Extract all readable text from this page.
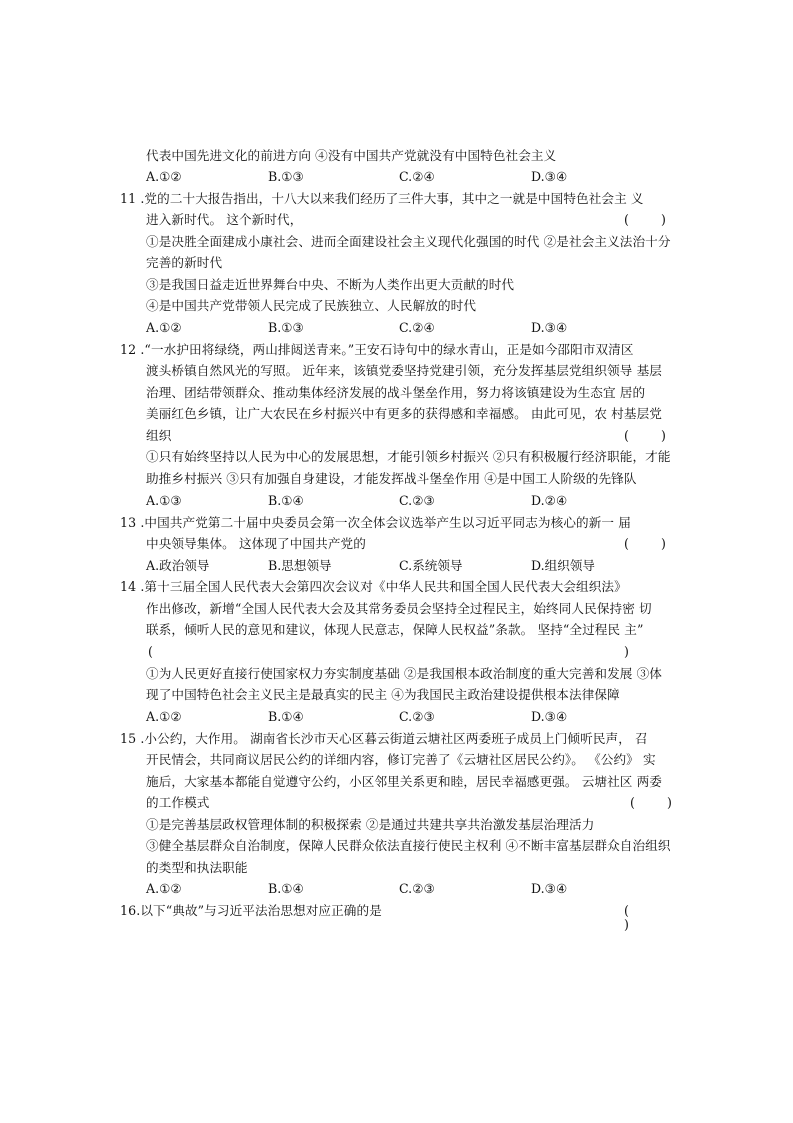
代表中国先进文化的前进方向 ④没有中国共产党就没有中国特色社会主义
A.①②	B.①③	C.②④	D.③④
11 .党的二十大报告指出，十八大以来我们经历了三件大事，其中之一就是中国特色社会主 义
进入新时代。 这个新时代，	(        )
①是决胜全面建成小康社会、进而全面建设社会主义现代化强国的时代 ②是社会主义法治十分
完善的新时代
③是我国日益走近世界舞台中央、不断为人类作出更大贡献的时代
④是中国共产党带领人民完成了民族独立、人民解放的时代
A.①②	B.①③	C.②④	D.③④
12 .“一水护田将绿绕，两山排闼送青来。”王安石诗句中的绿水青山，正是如今邵阳市双清区
渡头桥镇自然风光的写照。 近年来，该镇党委坚持党建引领，充分发挥基层党组织领导 基层
治理、团结带领群众、推动集体经济发展的战斗堡垒作用，努力将该镇建设为生态宜 居的
美丽红色乡镇，让广大农民在乡村振兴中有更多的获得感和幸福感。 由此可见，农 村基层党
组织	(        )
①只有始终坚持以人民为中心的发展思想，才能引领乡村振兴 ②只有积极履行经济职能，才能
助推乡村振兴 ③只有加强自身建设，才能发挥战斗堡垒作用 ④是中国工人阶级的先锋队
A.①③	B.①④	C.②③	D.②④
13 .中国共产党第二十届中央委员会第一次全体会议选举产生以习近平同志为核心的新一 届
中央领导集体。 这体现了中国共产党的	(        )
A.政治领导	B.思想领导	C.系统领导	D.组织领导
14 .第十三届全国人民代表大会第四次会议对《中华人民共和国全国人民代表大会组织法》
作出修改，新增“全国人民代表大会及其常务委员会坚持全过程民主，始终同人民保持密 切
联系，倾听人民的意见和建议，体现人民意志，保障人民权益”条款。 坚持“全过程民 主”
(	)
①为人民更好直接行使国家权力夯实制度基础 ②是我国根本政治制度的重大完善和发展 ③体
现了中国特色社会主义民主是最真实的民主 ④为我国民主政治建设提供根本法律保障
A.①②	B.①④	C.②③	D.③④
15 .小公约，大作用。 湖南省长沙市天心区暮云街道云塘社区两委班子成员上门倾听民声， 召
开民情会，共同商议居民公约的详细内容，修订完善了《云塘社区居民公约》。 《公约》 实
施后，大家基本都能自觉遵守公约，小区邻里关系更和睦，居民幸福感更强。 云塘社区 两委
的工作模式	(        )
①是完善基层政权管理体制的积极探索 ②是通过共建共享共治激发基层治理活力
③健全基层群众自治制度，保障人民群众依法直接行使民主权利 ④不断丰富基层群众自治组织
的类型和执法职能
A.①②	B.①④	C.②③	D.③④
16.以下“典故”与习近平法治思想对应正确的是	(
)
